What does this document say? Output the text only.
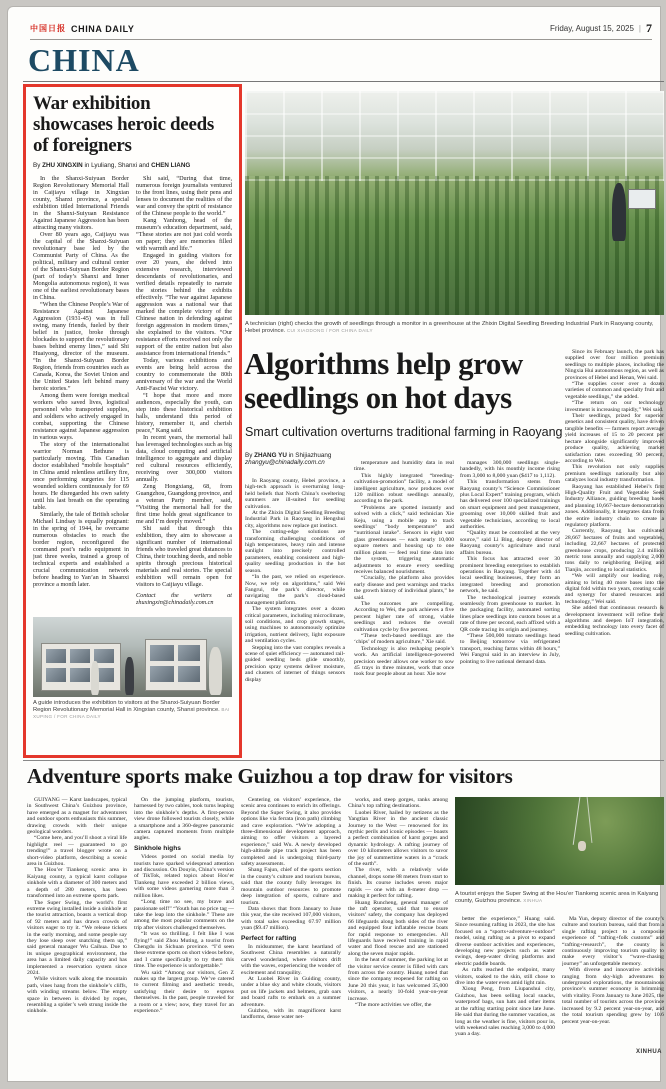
中国日报 CHINA DAILY	Friday, August 15, 2025 | 7
CHINA
War exhibition showcases heroic deeds of foreigners
By ZHU XINGXIN in Lyuliang, Shanxi and CHEN LIANG

In the Shanxi-Suiyuan Border Region Revolutionary Memorial Hall in Caijiayu village in Xingxian county, Shanxi province, a special exhibition titled International Friends in the Shanxi-Suiyuan Resistance Against Japanese Aggression has been attracting many visitors.

Over 80 years ago, Caijiayu was the capital of the Shanxi-Suiyuan revolutionary base led by the Communist Party of China. As the political, military and cultural center of the Shanxi-Suiyuan Border Region (part of today’s Shanxi and Inner Mongolia autonomous region), it was one of the earliest revolutionary bases in China.

“When the Chinese People’s War of Resistance Against Japanese Aggression (1931-45) was in full swing, many friends, fueled by their belief in justice, broke through blockades to support the revolutionary bases behind enemy lines,” said Shi Huaiyong, director of the museum. “In the Shanxi-Suiyuan Border Region, friends from countries such as Canada, Korea, the Soviet Union and the United States left behind many heroic stories.”

Among them were foreign medical workers who saved lives, logistical personnel who transported supplies, and soldiers who actively engaged in combat, supporting the Chinese resistance against Japanese aggression in various ways.

The story of the internationalist warrior Norman Bethune is particularly moving. This Canadian doctor established “mobile hospitals” in China amid relentless artillery fire, once performing surgeries for 115 wounded soldiers continuously for 69 hours. He disregarded his own safety until his last breath on the operating table.

Similarly, the tale of British scholar Michael Lindsay is equally poignant: in the spring of 1944, he overcame numerous obstacles to reach the border region, reconfigured the command post’s radio equipment in just three weeks, trained a group of technical experts and established a crucial communication network before heading to Yan’an in Shaanxi province a month later.

Shi said, “During that time, numerous foreign journalists ventured to the front lines, using their pens and lenses to document the realities of the war and convey the spirit of resistance of the Chinese people to the world.”

Kang Yanhong, head of the museum’s education department, said, “These stories are not just cold words on paper; they are memories filled with warmth and life.”

Engaged in guiding visitors for over 20 years, she delved into extensive research, interviewed descendants of revolutionaries, and verified details repeatedly to narrate the stories behind the exhibits effectively. “The war against Japanese aggression was a national war that marked the complete victory of the Chinese nation in defending against foreign aggression in modern times,” she explained to the visitors. “Our resistance efforts received not only the support of the entire nation but also assistance from international friends.”

Today, various exhibitions and events are being held across the country to commemorate the 80th anniversary of the war and the World Anti-Fascist War victory.

“I hope that more and more audiences, especially the youth, can step into these historical exhibition halls, understand this period of history, remember it, and cherish peace,” Kang said.

In recent years, the memorial hall has leveraged technologies such as big data, cloud computing and artificial intelligence to aggregate and display red cultural resources efficiently, receiving over 300,000 visitors annually.

Zeng Hongxiang, 68, from Guangzhou, Guangdong province, and a veteran Party member, said, “Visiting the memorial hall for the first time holds great significance to me and I’m deeply moved.”

Shi said that through this exhibition, they aim to showcase a significant number of international friends who traveled great distances to China, their touching deeds, and noble spirits through precious historical materials and real stories. The special exhibition will remain open for visitors to Caijiayu village.

Contact the writers at zhuxingxin@chinadaily.com.cn
A guide introduces the exhibition to visitors at the Shanxi-Suiyuan Border Region Revolutionary Memorial Hall in Xingxian county, Shanxi province. BAI XUPING / FOR CHINA DAILY
A technician (right) checks the growth of seedlings through a monitor in a greenhouse at the Zhixin Digital Seedling Breeding Industrial Park in Raoyang county, Hebei province. CUI XIAODONG / FOR CHINA DAILY
Algorithms help grow seedlings on hot days
Smart cultivation overturns traditional farming in Raoyang
By ZHANG YU in Shijiazhuang
zhangyu@chinadaily.com.cn

In Raoyang county, Hebei province, a high-tech approach is overturning long-held beliefs that North China’s sweltering summers are ill-suited for seedling cultivation.

At the Zhixin Digital Seedling Breeding Industrial Park in Raoyang in Hengshui city, algorithms now replace gut instinct.

The cutting-edge solutions are transforming challenging conditions of high temperatures, heavy rain and intense sunlight into precisely controlled parameters, enabling consistent and high-quality seedling production in the hot season.

“In the past, we relied on experience. Now, we rely on algorithms,” said Wei Fangrui, the park’s director, while navigating the park’s cloud-based management platform.

The system integrates over a dozen critical parameters, including microclimate, soil conditions, and crop growth stages, using machines to autonomously optimize irrigation, nutrient delivery, light exposure and ventilation cycles.

Stepping into the vast complex reveals a scene of quiet efficiency — automated rail-guided seedling beds glide smoothly, precision spray systems deliver moisture, and clusters of internet of things sensors display

temperature and humidity data in real time.

This highly integrated “breeding-cultivation-promotion” facility, a model of intelligent agriculture, now produces over 120 million robust seedlings annually, according to the park.

“Problems are spotted instantly and solved with a click,” said technician Xie Keju, using a mobile app to track seedlings’ “body temperature” and “nutritional intake”. Sensors in eight vast glass greenhouses — each nearly 10,000 square meters and housing up to one million plants — feed real time data into the system, triggering automatic adjustments to ensure every seedling receives balanced nourishment.

“Crucially, the platform also provides early disease and pest warnings and tracks the growth history of individual plants,” he said.

The outcomes are compelling. According to Wei, the park achieves a five percent higher rate of strong, viable seedlings and reduces the overall cultivation cycle by five percent.

“These tech-based seedlings are the ‘chips’ of modern agriculture,” Xie said.

Technology is also reshaping people’s work. An artificial intelligence-powered precision seeder allows one worker to sow 45 trays in three minutes, work that once took four people about an hour. Xie now

manages 300,000 seedlings single-handedly, with his monthly income rising from 3,000 to 8,000 yuan ($417 to 1,112).

This transformation stems from Raoyang county’s “Science Commissioner plus Local Expert” training program, which has delivered over 100 specialized trainings on smart equipment and pest management, grooming over 10,000 skilled fruit and vegetable technicians, according to local authorities.

“Quality must be controlled at the very source,” said Li Bing, deputy director of Raoyang county’s agriculture and rural affairs bureau.

This focus has attracted over 30 prominent breeding enterprises to establish operations in Raoyang. Together with 44 local seedling businesses, they form an integrated breeding and promotion network, he said.

The technological journey extends seamlessly from greenhouse to market. In the packaging facility, automated sorting lines place seedlings into custom boxes at a rate of three per second, each affixed with a QR code tracing its origin and journey.

“These 500,000 tomato seedlings head to Beijing tomorrow via refrigerated transport, reaching farms within 48 hours,” Wei Fangrui said in an interview in July, pointing to live national demand data.

Since its February launch, the park has supplied over four million premium seedlings to multiple places, including the Ningxia Hui autonomous region, as well as provinces of Hebei and Henan, Wei said.

“The supplies cover over a dozen varieties of common and specialty fruit and vegetable seedlings,” she added.

“The return on our technology investment is increasing rapidly,” Wei said.

Their seedlings, prized for superior genetics and consistent quality, have driven tangible benefits — farmers report average yield increases of 15 to 20 percent per hectare alongside significantly improved produce quality, achieving market satisfaction rates exceeding 90 percent, according to Wei.

This revolution not only supplies premium seedlings nationally but also catalyzes local industry transformation.

Raoyang has established Hebei’s first High-Quality Fruit and Vegetable Seed Industry Alliance, guiding breeding bases and planning 10,667-hectare demonstration zones. Additionally, it integrates data from the entire industry chain to create a regulatory platform.

Currently, Raoyang has cultivated 28,667 hectares of fruits and vegetables, including 22,667 hectares of protected greenhouse crops, producing 2.4 million metric tons annually and supplying 2,000 tons daily to neighboring Beijing and Tianjin, according to local statistics.

“We will amplify our leading role, aiming to bring 40 more bases into the digital fold within two years, creating scale and synergy for shared resources and technology,” Wei said.

She added that continuous research & development investment will refine their algorithms and deepen IoT integration, embedding technology into every facet of seedling cultivation.

Adventure sports make Guizhou a top draw for visitors

GUIYANG — Karst landscapes, typical in Southwest China’s Guizhou province, have emerged as a magnet for adventurers and outdoor sports enthusiasts this summer, drawing crowds with their unique geological wonders.

“Come here, and you’ll shoot a viral life highlight reel — guaranteed to go trending!” a travel blogger wrote on a short-video platform, describing a scenic area in Guizhou.

The Hou’er Tiankeng scenic area in Kaiyang county, a typical karst collapse sinkhole with a diameter of 300 meters and a depth of 280 meters, has been transformed into an extreme sports park.

The Super Swing, the world’s first extreme swing installed inside a sinkhole at the tourist attraction, boasts a vertical drop of 92 meters and has drawn crowds of visitors eager to try it. “We release tickets in the early morning, and some people say they lose sleep over snatching them up,” said general manager Wu Caihua. Due to its unique geographical environment, the area has a limited daily capacity and has implemented a reservation system since 2024.

While visitors walk along the mountain path, vines hang from the sinkhole’s cliffs, with winding streams below. The empty space in between is divided by ropes, resembling a spider’s web strung inside the sinkhole.

On the jumping platform, tourists, harnessed by two cables, took turns leaping into the sinkhole’s depths. A first-person view drone followed tourists closely, while a smartphone and a 360-degree panoramic camera captured moments from multiple angles.

Sinkhole highs

Videos posted on social media by tourists have sparked widespread attention and discussion. On Douyin, China’s version of TikTok, related topics about Hou’er Tiankeng have exceeded 2 billion views, with some videos garnering more than 3 million likes.

“Long time no see, my brave and passionate self!” “Youth has no price tag — take the leap into the sinkhole.” These are among the most popular comments on the trip after visitors challenged themselves.

“It was so thrilling. I felt like I was flying!” said Zhou Muting, a tourist from Chengdu in Sichuan province. “I’d seen these extreme sports on short videos before, and I came specifically to try them this time. The experience is unforgettable.”

Wu said: “Among our visitors, Gen Z makes up the largest group. We’ve catered to current filming and aesthetic trends, satisfying their desire to express themselves. In the past, people traveled for a room or a view; now, they travel for an experience.”

Centering on visitors’ experience, the scenic area continues to enrich its offerings. Beyond the Super Swing, it also provides options like via ferrata (iron path) climbing and cave exploration. “We’re adopting a three-dimensional development approach, aiming to offer visitors a layered experience,” said Wu. A newly developed high-altitude pipe track project has been completed and is undergoing third-party safety assessments.

Shang Fajun, chief of the sports section in the county’s culture and tourism bureau, said that the county fully leverages its mountain outdoor resources to promote deep integration of sports, culture and tourism.

Data shows that from January to June this year, the site received 107,000 visitors, with total sales exceeding 67.97 million yuan ($9.47 million).

Perfect for rafting

In midsummer, the karst heartland of Southwest China resembles a naturally carved wonderland, where visitors drift with the waves, experiencing the wonder of excitement and tranquility.

At Luobei River in Guiding county, under a blue sky and white clouds, visitors put on life jackets and helmets, grab oars and board rafts to embark on a summer adventure.

Guizhou, with its magnificent karst landforms, dense water net-

works, and steep gorges, ranks among China’s top rafting destinations.

Luobei River, hailed by netizens as the Yangtian River in the ancient classic Journey to the West — renowned for its mythic perils and iconic episodes — boasts a perfect combination of karst gorges and dynamic hydrology. A rafting journey of over 10 kilometers allows visitors to savor the joy of summertime waters in a “crack of the earth”.

The river, with a relatively wide channel, drops some 88 meters from start to finish. Its course includes seven major rapids — one with an 8-meter drop — making it perfect for rafting.

Huang Runcheng, general manager of the raft operator, said that to ensure visitors’ safety, the company has deployed 66 lifeguards along both sides of the river and equipped four inflatable rescue boats for rapid response to emergencies. All lifeguards have received training in rapid water and flood rescue and are stationed along the seven major rapids.

In the heat of summer, the parking lot at the visitor service center is filled with cars from across the country. Huang noted that since the company reopened for rafting on June 20 this year, it has welcomed 35,000 visitors, a nearly 10-fold year-on-year increase.

“The more activities we offer, the

A tourist enjoys the Super Swing at the Hou’er Tiankeng scenic area in Kaiyang county, Guizhou province. XINHUA

better the experience,” Huang said. Since resuming rafting in 2023, the site has focused on a “sports+adventure+outdoor” model, using rafting as a pivot to expand diverse outdoor activities and experiences, developing new projects such as water swings, deep-water diving platforms and electric paddle boards.

As rafts reached the endpoint, many visitors, soaked to the skin, still chose to dive into the water even amid light rain.

Xiong Peng, from Liupanshui city, Guizhou, has been selling local snacks, waterproof bags, sun hats and other items at the rafting starting point since late June. He said that during the summer vacation, as long as the weather is fine, visitors pour in, with weekend sales reaching 3,000 to 4,000 yuan a day.

Ma Yun, deputy director of the county’s culture and tourism bureau, said that from a single rafting project to a composite experience of “rafting+folk customs” and “rafting+research”, the county is continuously improving tourism quality to make every visitor’s “wave-chasing journey” an unforgettable memory.

With diverse and innovative activities ranging from sky-high adventures to underground explorations, the mountainous province’s summer economy is brimming with vitality. From January to June 2025, the total number of tourists across the province increased by 9.2 percent year-on-year, and the total tourism spending grew by 10.6 percent year-on-year.

XINHUA
